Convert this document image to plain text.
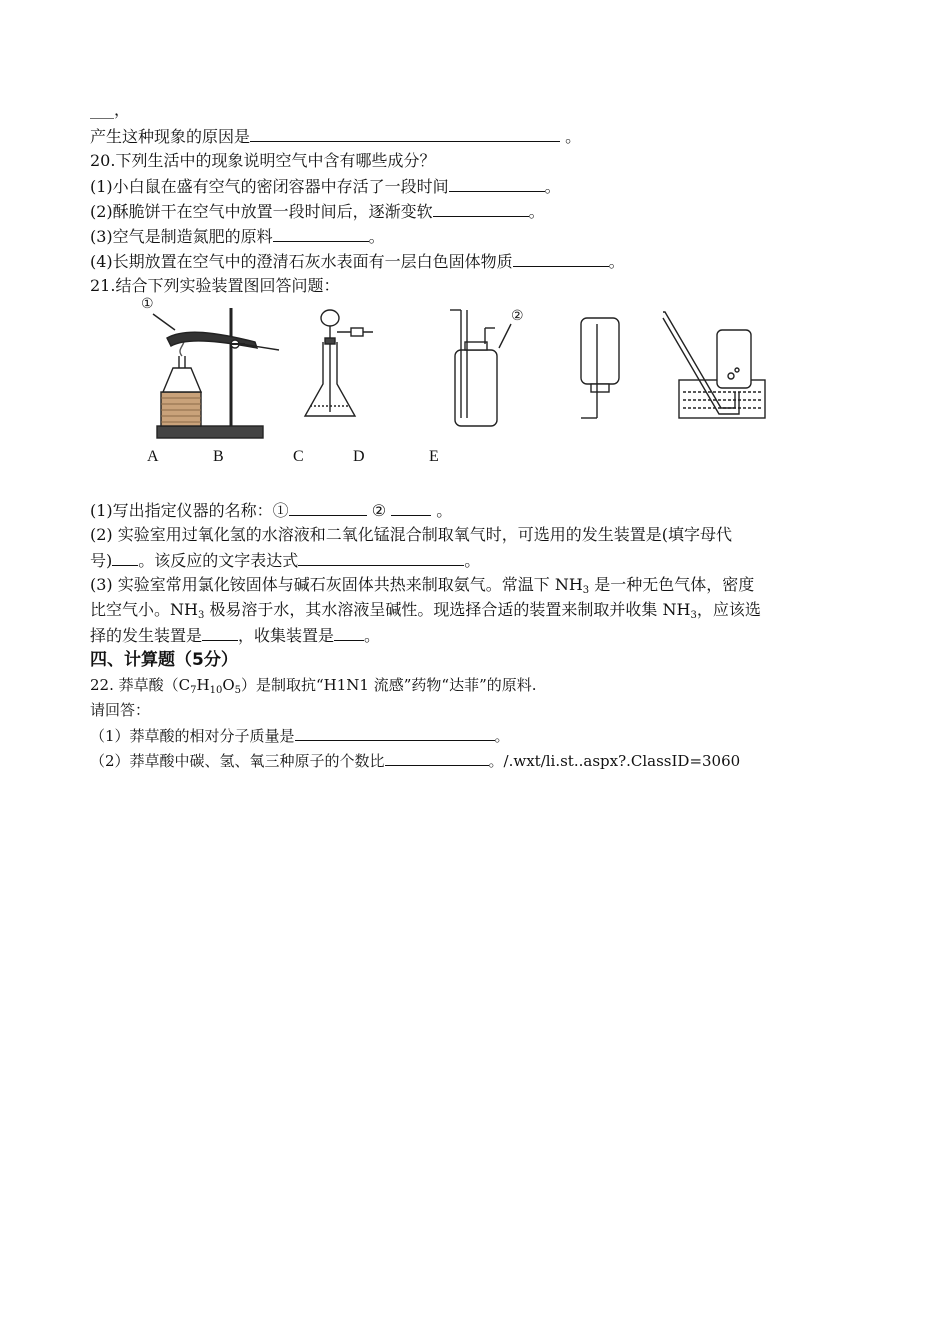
___，
产生这种现象的原因是	。
20.下列生活中的现象说明空气中含有哪些成分？
(1)小白鼠在盛有空气的密闭容器中存活了一段时间	。
(2)酥脆饼干在空气中放置一段时间后，逐渐变软	。
(3)空气是制造氮肥的原料	。
(4)长期放置在空气中的澄清石灰水表面有一层白色固体物质	。
21.结合下列实验装置图回答问题：
①
②
A	B	C	D	E
(1)写出指定仪器的名称：①	②	。
(2) 实验室用过氧化氢的水溶液和二氧化锰混合制取氧气时，可选用的发生装置是(填字母代
号) 。该反应的文字表达式	。
(3) 实验室常用氯化铵固体与碱石灰固体共热来制取氨气。常温下 $NH_3$ 是一种无色气体，密度
比空气小。$NH_3$ 极易溶于水，其水溶液呈碱性。现选择合适的装置来制取并收集 $NH_3$，应该选
择的发生装置是 ，收集装置是 。
四、计算题（5分）
22. 莽草酸$(C_7H_{10}O_5)$是制取抗“H1N1 流感”药物“达菲”的原料.
请回答：
（1）莽草酸的相对分子质量是	。
（2）莽草酸中碳、氢、氧三种原子的个数比	。/.wxt/li.st..aspx?.ClassID=3060
